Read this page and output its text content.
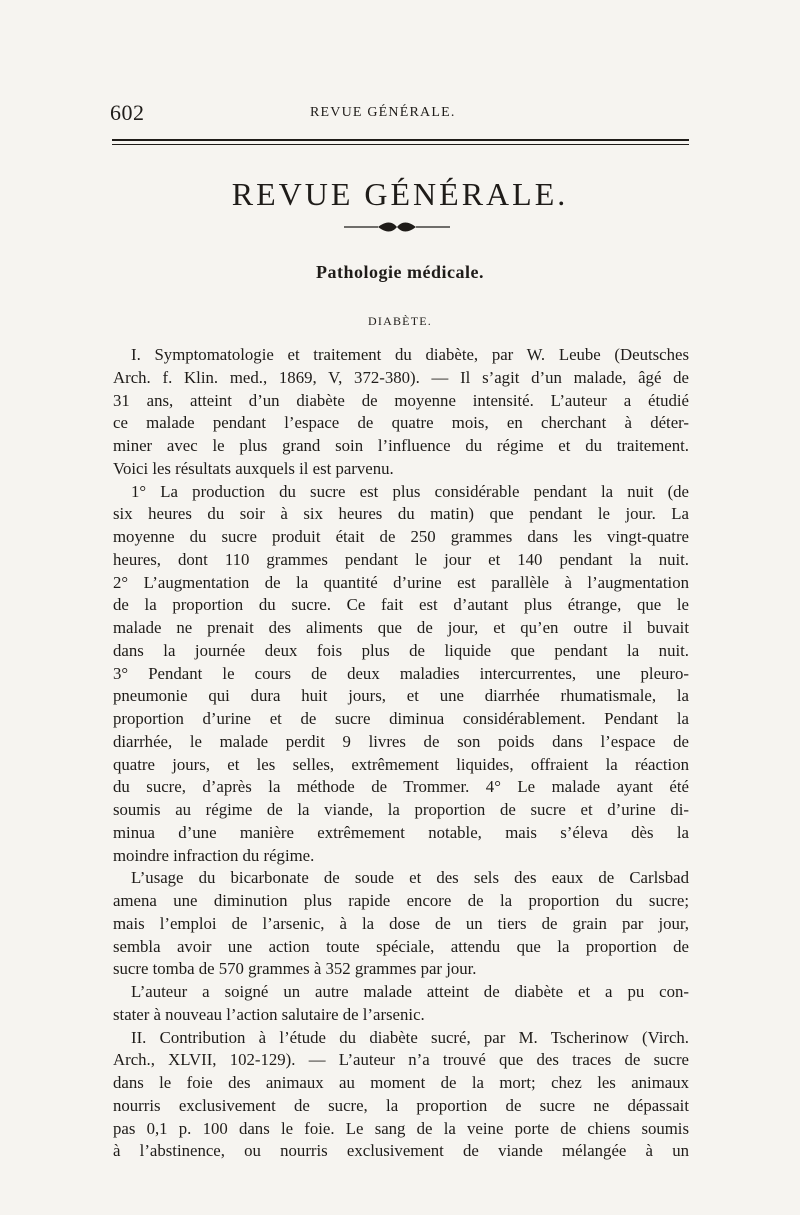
602	REVUE GÉNÉRALE.
REVUE GÉNÉRALE.
Pathologie médicale.
DIABÈTE.
I. Symptomatologie et traitement du diabète, par W. Leube (Deutsches
Arch. f. Klin. med., 1869, V, 372-380). — Il s’agit d’un malade, âgé de
31 ans, atteint d’un diabète de moyenne intensité. L’auteur a étudié
ce malade pendant l’espace de quatre mois, en cherchant à déter-
miner avec le plus grand soin l’influence du régime et du traitement.
Voici les résultats auxquels il est parvenu.
1° La production du sucre est plus considérable pendant la nuit (de
six heures du soir à six heures du matin) que pendant le jour. La
moyenne du sucre produit était de 250 grammes dans les vingt-quatre
heures, dont 110 grammes pendant le jour et 140 pendant la nuit.
2° L’augmentation de la quantité d’urine est parallèle à l’augmentation
de la proportion du sucre. Ce fait est d’autant plus étrange, que le
malade ne prenait des aliments que de jour, et qu’en outre il buvait
dans la journée deux fois plus de liquide que pendant la nuit.
3° Pendant le cours de deux maladies intercurrentes, une pleuro-
pneumonie qui dura huit jours, et une diarrhée rhumatismale, la
proportion d’urine et de sucre diminua considérablement. Pendant la
diarrhée, le malade perdit 9 livres de son poids dans l’espace de
quatre jours, et les selles, extrêmement liquides, offraient la réaction
du sucre, d’après la méthode de Trommer. 4° Le malade ayant été
soumis au régime de la viande, la proportion de sucre et d’urine di-
minua d’une manière extrêmement notable, mais s’éleva dès la
moindre infraction du régime.
L’usage du bicarbonate de soude et des sels des eaux de Carlsbad
amena une diminution plus rapide encore de la proportion du sucre;
mais l’emploi de l’arsenic, à la dose de un tiers de grain par jour,
sembla avoir une action toute spéciale, attendu que la proportion de
sucre tomba de 570 grammes à 352 grammes par jour.
L’auteur a soigné un autre malade atteint de diabète et a pu con-
stater à nouveau l’action salutaire de l’arsenic.
II. Contribution à l’étude du diabète sucré, par M. Tscherinow (Virch.
Arch., XLVII, 102-129). — L’auteur n’a trouvé que des traces de sucre
dans le foie des animaux au moment de la mort; chez les animaux
nourris exclusivement de sucre, la proportion de sucre ne dépassait
pas 0,1 p. 100 dans le foie. Le sang de la veine porte de chiens soumis
à l’abstinence, ou nourris exclusivement de viande mélangée à un
